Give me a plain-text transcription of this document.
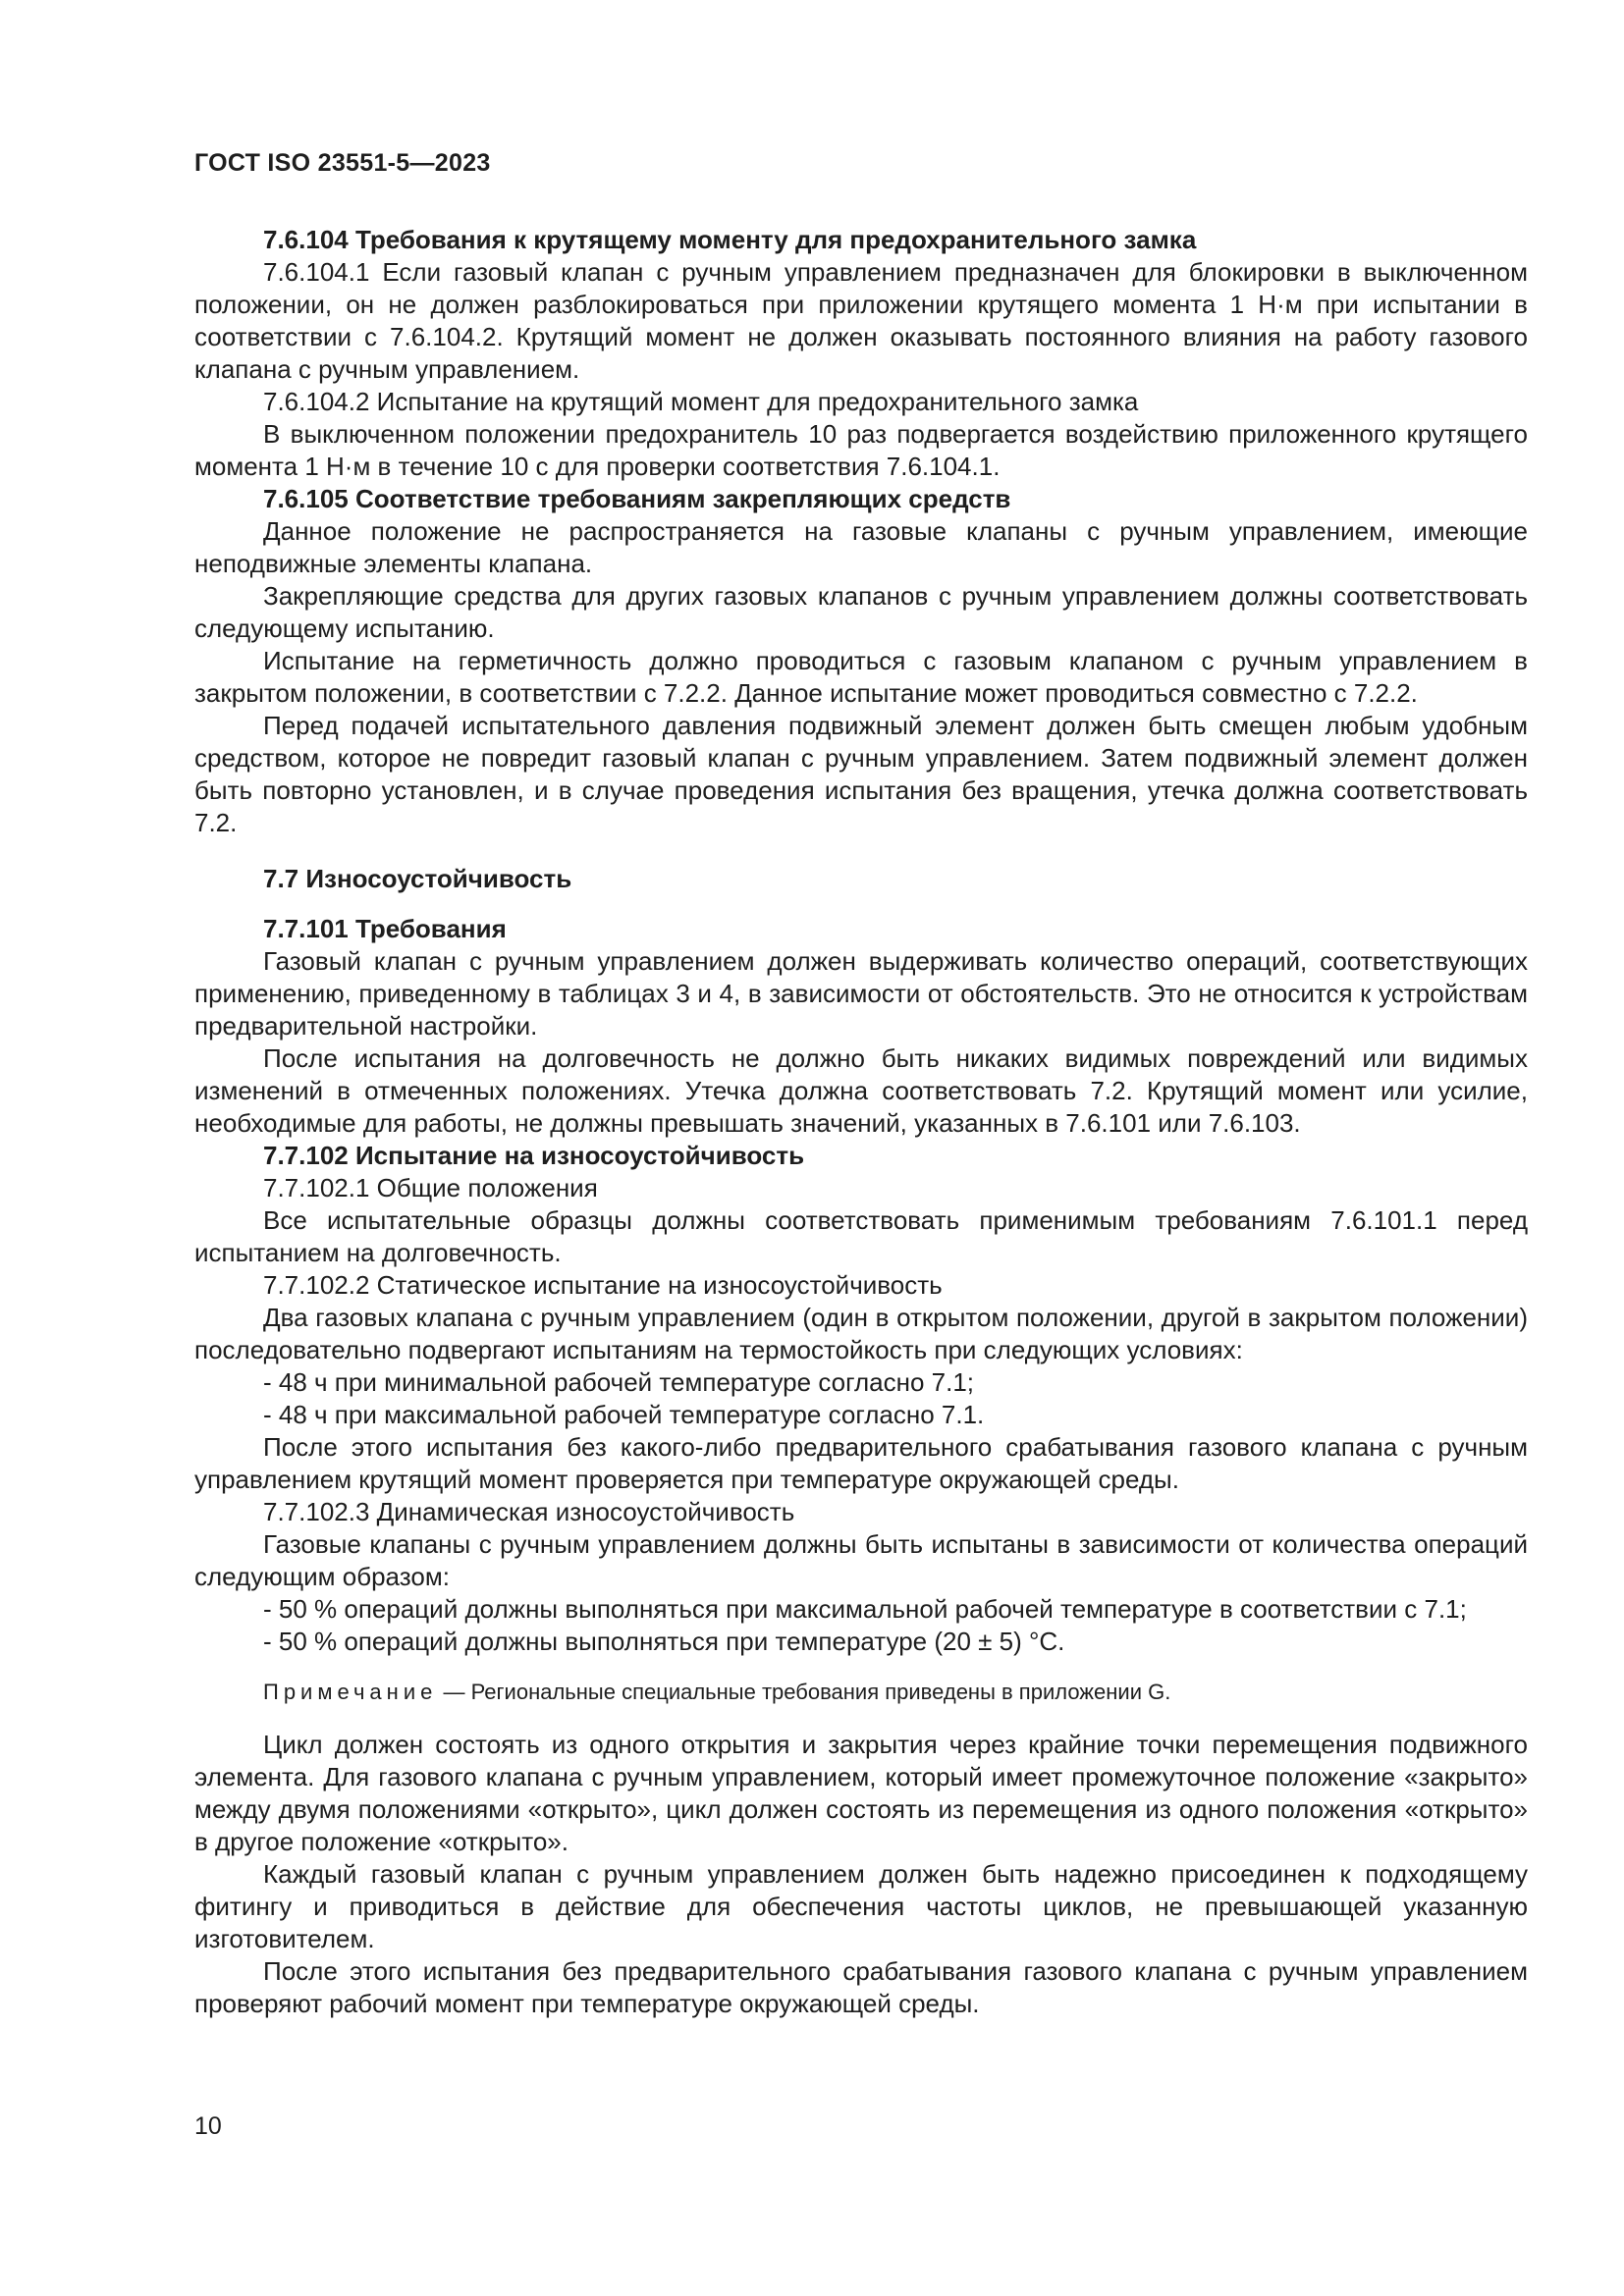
ГОСТ ISO 23551-5—2023

7.6.104 Требования к крутящему моменту для предохранительного замка

7.6.104.1 Если газовый клапан с ручным управлением предназначен для блокировки в выключенном положении, он не должен разблокироваться при приложении крутящего момента 1 Н·м при испытании в соответствии с 7.6.104.2. Крутящий момент не должен оказывать постоянного влияния на работу газового клапана с ручным управлением.

7.6.104.2 Испытание на крутящий момент для предохранительного замка

В выключенном положении предохранитель 10 раз подвергается воздействию приложенного крутящего момента 1 Н·м в течение 10 с для проверки соответствия 7.6.104.1.

7.6.105 Соответствие требованиям закрепляющих средств

Данное положение не распространяется на газовые клапаны с ручным управлением, имеющие неподвижные элементы клапана.

Закрепляющие средства для других газовых клапанов с ручным управлением должны соответствовать следующему испытанию.

Испытание на герметичность должно проводиться с газовым клапаном с ручным управлением в закрытом положении, в соответствии с 7.2.2. Данное испытание может проводиться совместно с 7.2.2.

Перед подачей испытательного давления подвижный элемент должен быть смещен любым удобным средством, которое не повредит газовый клапан с ручным управлением. Затем подвижный элемент должен быть повторно установлен, и в случае проведения испытания без вращения, утечка должна соответствовать 7.2.

7.7 Износоустойчивость

7.7.101 Требования

Газовый клапан с ручным управлением должен выдерживать количество операций, соответствующих применению, приведенному в таблицах 3 и 4, в зависимости от обстоятельств. Это не относится к устройствам предварительной настройки.

После испытания на долговечность не должно быть никаких видимых повреждений или видимых изменений в отмеченных положениях. Утечка должна соответствовать 7.2. Крутящий момент или усилие, необходимые для работы, не должны превышать значений, указанных в 7.6.101 или 7.6.103.

7.7.102 Испытание на износоустойчивость

7.7.102.1 Общие положения

Все испытательные образцы должны соответствовать применимым требованиям 7.6.101.1 перед испытанием на долговечность.

7.7.102.2 Статическое испытание на износоустойчивость

Два газовых клапана с ручным управлением (один в открытом положении, другой в закрытом положении) последовательно подвергают испытаниям на термостойкость при следующих условиях:

- 48 ч при минимальной рабочей температуре согласно 7.1;

- 48 ч при максимальной рабочей температуре согласно 7.1.

После этого испытания без какого-либо предварительного срабатывания газового клапана с ручным управлением крутящий момент проверяется при температуре окружающей среды.

7.7.102.3 Динамическая износоустойчивость

Газовые клапаны с ручным управлением должны быть испытаны в зависимости от количества операций следующим образом:

- 50 % операций должны выполняться при максимальной рабочей температуре в соответствии с 7.1;

- 50 % операций должны выполняться при температуре (20 ± 5) °С.

Примечание — Региональные специальные требования приведены в приложении G.

Цикл должен состоять из одного открытия и закрытия через крайние точки перемещения подвижного элемента. Для газового клапана с ручным управлением, который имеет промежуточное положение «закрыто» между двумя положениями «открыто», цикл должен состоять из перемещения из одного положения «открыто» в другое положение «открыто».

Каждый газовый клапан с ручным управлением должен быть надежно присоединен к подходящему фитингу и приводиться в действие для обеспечения частоты циклов, не превышающей указанную изготовителем.

После этого испытания без предварительного срабатывания газового клапана с ручным управлением проверяют рабочий момент при температуре окружающей среды.

10
